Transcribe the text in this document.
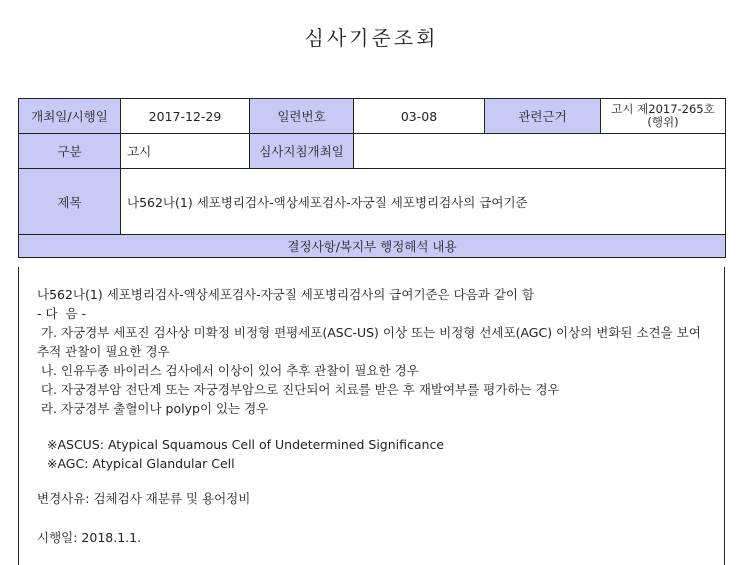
심사기준조회
개최일/시행일	2017-12-29	일련번호	03-08	관련근거	고시 제2017-265호(행위)
구분	고시	심사지침개최일			
제목	나562나(1) 세포병리검사-액상세포검사-자궁질 세포병리검사의 급여기준				
결정사항/복지부 행정해석 내용					

나562나(1) 세포병리검사-액상세포검사-자궁질 세포병리검사의 급여기준은 다음과 같이 함

- 다  음 -

가. 자궁경부 세포진 검사상 미확정 비정형 편평세포(ASC-US) 이상 또는 비정형 선세포(AGC) 이상의 변화된 소견을 보여 추적 관찰이 필요한 경우

나. 인유두종 바이러스 검사에서 이상이 있어 추후 관찰이 필요한 경우

다. 자궁경부암 전단계 또는 자궁경부암으로 진단되어 치료를 받은 후 재발여부를 평가하는 경우

라. 자궁경부 출혈이나 polyp이 있는 경우

※ASCUS: Atypical Squamous Cell of Undetermined Significance

※AGC: Atypical Glandular Cell

변경사유: 검체검사 재분류 및 용어정비

시행일: 2018.1.1.
